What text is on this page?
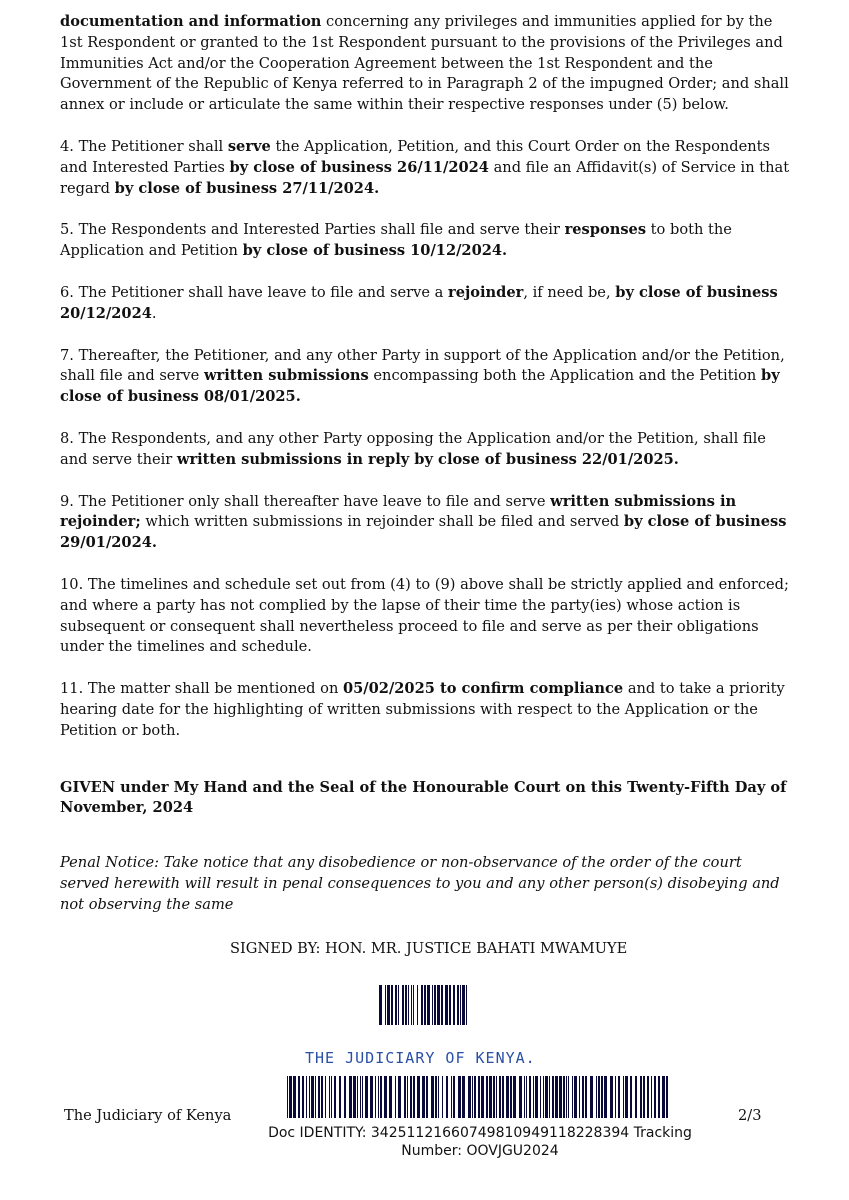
documentation and information concerning any privileges and immunities applied for by the 1st Respondent or granted to the 1st Respondent pursuant to the provisions of the Privileges and Immunities Act and/or the Cooperation Agreement between the 1st Respondent and the Government of the Republic of Kenya referred to in Paragraph 2 of the impugned Order; and shall annex or include or articulate the same within their respective responses under (5) below.

4. The Petitioner shall serve the Application, Petition, and this Court Order on the Respondents and Interested Parties by close of business 26/11/2024 and file an Affidavit(s) of Service in that regard by close of business 27/11/2024.

5. The Respondents and Interested Parties shall file and serve their responses to both the Application and Petition by close of business 10/12/2024.

6. The Petitioner shall have leave to file and serve a rejoinder, if need be, by close of business 20/12/2024.

7. Thereafter, the Petitioner, and any other Party in support of the Application and/or the Petition, shall file and serve written submissions encompassing both the Application and the Petition by close of business 08/01/2025.

8. The Respondents, and any other Party opposing the Application and/or the Petition, shall file and serve their written submissions in reply by close of business 22/01/2025.

9. The Petitioner only shall thereafter have leave to file and serve written submissions in rejoinder; which written submissions in rejoinder shall be filed and served by close of business 29/01/2024.

10. The timelines and schedule set out from (4) to (9) above shall be strictly applied and enforced; and where a party has not complied by the lapse of their time the party(ies) whose action is subsequent or consequent shall nevertheless proceed to file and serve as per their obligations under the timelines and schedule.

11. The matter shall be mentioned on 05/02/2025 to confirm compliance and to take a priority hearing date for the highlighting of written submissions with respect to the Application or the Petition or both.

GIVEN under My Hand and the Seal of the Honourable Court on this Twenty-Fifth Day of November, 2024
Penal Notice: Take notice that any disobedience or non-observance of the order of the court served herewith will result in penal consequences to you and any other person(s) disobeying and not observing the same
SIGNED BY: HON. MR. JUSTICE BAHATI MWAMUYE
THE JUDICIARY OF KENYA.
The Judiciary of Kenya	2/3
Doc IDENTITY: 3425112166074981094911822839​4 Tracking Number: OOVJGU2024
